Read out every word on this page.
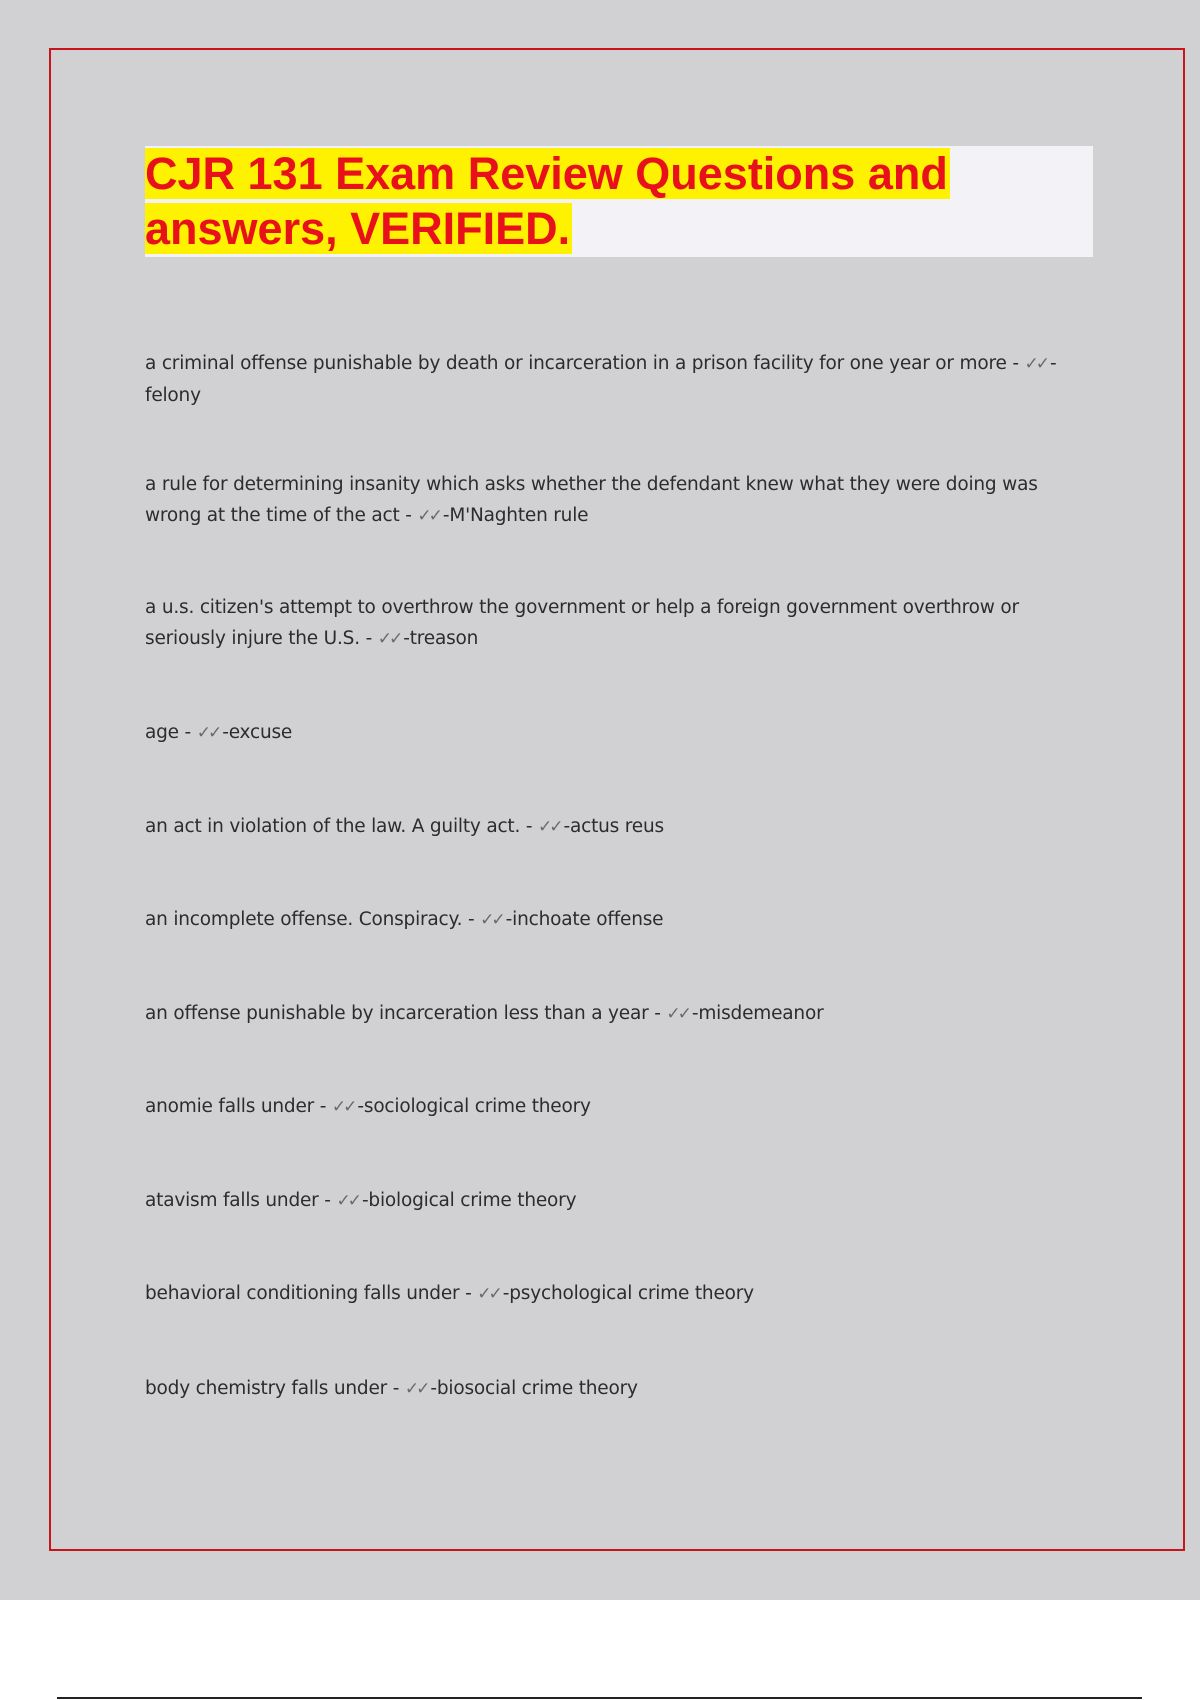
CJR 131 Exam Review Questions and
answers, VERIFIED.

a criminal offense punishable by death or incarceration in a prison facility for one year or more - ✓✓ -felony

a rule for determining insanity which asks whether the defendant knew what they were doing was wrong at the time of the act - ✓✓ -M'Naghten rule

a u.s. citizen's attempt to overthrow the government or help a foreign government overthrow or seriously injure the U.S. - ✓✓ -treason

age - ✓✓ -excuse

an act in violation of the law. A guilty act. - ✓✓ -actus reus

an incomplete offense. Conspiracy. - ✓✓ -inchoate offense

an offense punishable by incarceration less than a year - ✓✓ -misdemeanor

anomie falls under - ✓✓ -sociological crime theory

atavism falls under - ✓✓ -biological crime theory

behavioral conditioning falls under - ✓✓ -psychological crime theory

body chemistry falls under - ✓✓ -biosocial crime theory
